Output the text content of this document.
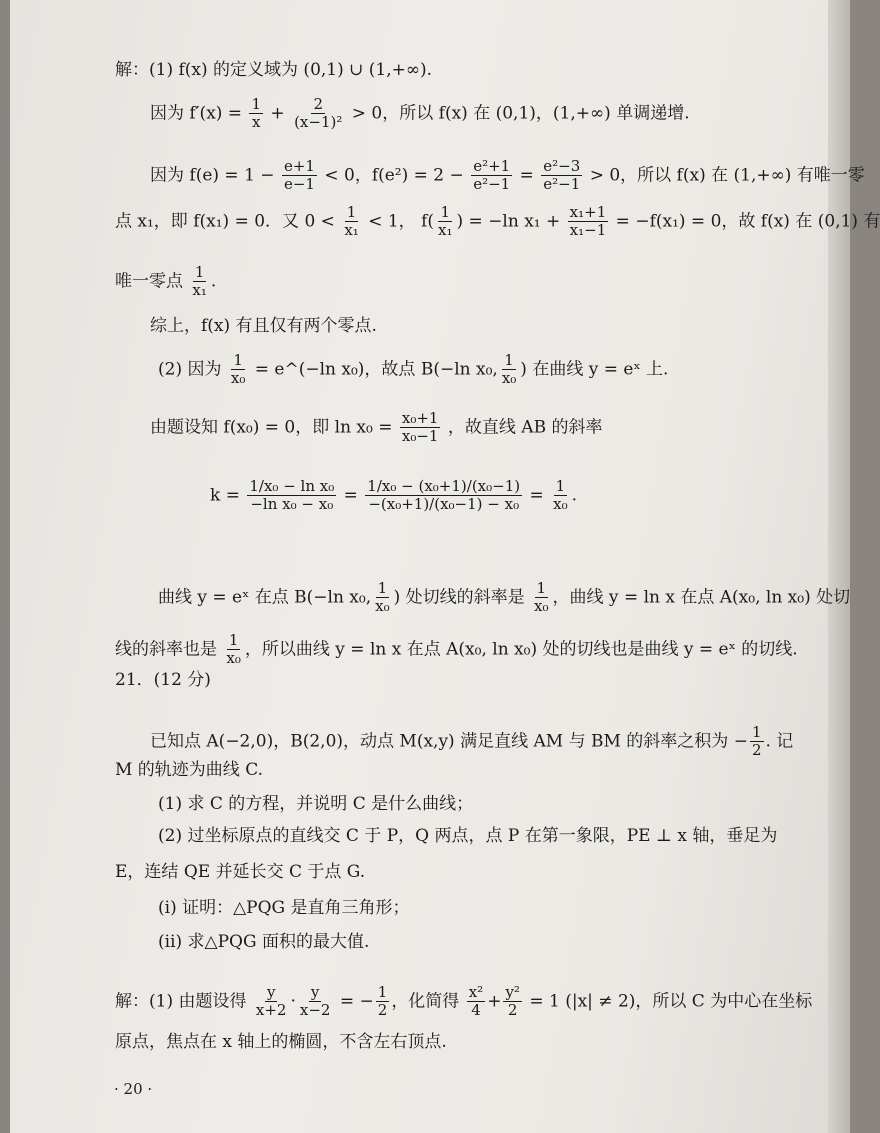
解：(1) f(x) 的定义域为 (0,1) ∪ (1,+∞).
因为 $f'(x) = \frac{1}{x} + \frac{2}{\text{(x−1)²}} > 0$，所以 f(x) 在 (0,1)，(1,+∞) 单调递增.
因为 $f(e) = 1 - \frac{e+1}{e-1} < 0$，$f(e^2) = 2 - \frac{\text{e²+1}}{\text{e²−1}} = \frac{\text{e²−3}}{\text{e²−1}} > 0$，所以 f(x) 在 (1,+∞) 有唯一零
点 x₁，即 f(x₁) = 0．又 $0 < \frac{1}{\text{x₁}} < 1$， $f( \frac{1}{\text{x₁}}$ ) = −ln $x_1 + \frac{\text{x₁+1}}{\text{x₁−1}} = -f(x_1) = 0$，故 f(x) 在 (0,1) 有
唯一零点 $\frac{1}{\text{x₁}}$ .
综上，f(x) 有且仅有两个零点.
(2) 因为 $\frac{1}{\text{x₀}}$ = e^(−ln x₀)，故点 B(−ln x₀, $\frac{1}{\text{x₀}}$ ) 在曲线 y = eˣ 上.
由题设知 f(x₀) = 0，即 $\ln x_0 = \frac{\text{x₀+1}}{\text{x₀−1}}$ ，故直线 AB 的斜率
$k = \frac{\text{1/x₀ − ln x₀}}{\text{−ln x₀ − x₀}} = \frac{\text{1/x₀ − (x₀+1)/(x₀−1)}}{\text{−(x₀+1)/(x₀−1) − x₀}} = \frac{1}{\text{x₀}}$ .
曲线 y = eˣ 在点 B(−ln x₀, $\frac{1}{\text{x₀}}$ ) 处切线的斜率是 $\frac{1}{\text{x₀}}$ ，曲线 y = ln x 在点 A(x₀, ln x₀) 处切
线的斜率也是 $\frac{1}{\text{x₀}}$ ，所以曲线 y = ln x 在点 A(x₀, ln x₀) 处的切线也是曲线 y = eˣ 的切线.
21．(12 分)
已知点 A(−2,0)，B(2,0)，动点 M(x,y) 满足直线 AM 与 BM 的斜率之积为 − $\frac{1}{2}$ . 记
M 的轨迹为曲线 C.
(1) 求 C 的方程，并说明 C 是什么曲线；
(2) 过坐标原点的直线交 C 于 P，Q 两点，点 P 在第一象限，PE ⊥ x 轴，垂足为
E，连结 QE 并延长交 C 于点 G.
(ⅰ) 证明：△PQG 是直角三角形；
(ⅱ) 求△PQG 面积的最大值.
解：(1) 由题设得 $\frac{y}{x+2} \cdot \frac{y}{x-2}$ = − $\frac{1}{2}$ ，化简得 $\frac{\text{x²}}{4} + \frac{\text{y²}}{2} = 1$ (|x| ≠ 2)，所以 C 为中心在坐标
原点，焦点在 x 轴上的椭圆，不含左右顶点.
· 20 ·
